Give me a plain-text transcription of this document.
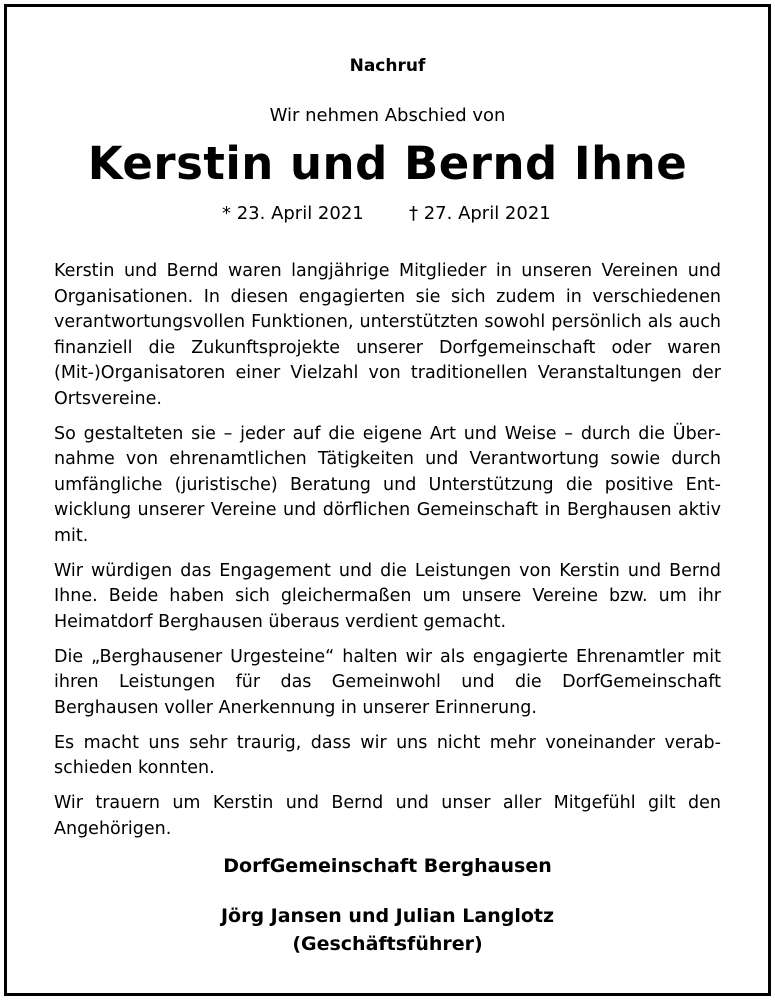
Nachruf
Wir nehmen Abschied von
Kerstin und Bernd Ihne
* 23. April 2021	† 27. April 2021

Kerstin und Bernd waren langjährige Mitglieder in unseren Vereinen und Organisationen. In diesen engagierten sie sich zudem in verschiedenen verantwortungsvollen Funktionen, unterstützten sowohl persönlich als auch finanziell die Zukunftsprojekte unserer Dorfgemeinschaft oder waren (Mit-)Organisatoren einer Vielzahl von traditionellen Veranstaltungen der Ortsvereine.

So gestalteten sie – jeder auf die eigene Art und Weise – durch die Übernahme von ehrenamtlichen Tätigkeiten und Verantwortung sowie durch umfängliche (juristische) Beratung und Unterstützung die positive Entwicklung unserer Vereine und dörflichen Gemeinschaft in Berghausen aktiv mit.

Wir würdigen das Engagement und die Leistungen von Kerstin und Bernd Ihne. Beide haben sich gleichermaßen um unsere Vereine bzw. um ihr Heimatdorf Berghausen überaus verdient gemacht.

Die „Berghausener Urgesteine“ halten wir als engagierte Ehrenamtler mit ihren Leistungen für das Gemeinwohl und die DorfGemeinschaft Berghausen voller Anerkennung in unserer Erinnerung.

Es macht uns sehr traurig, dass wir uns nicht mehr voneinander verabschieden konnten.

Wir trauern um Kerstin und Bernd und unser aller Mitgefühl gilt den Angehörigen.

DorfGemeinschaft Berghausen
Jörg Jansen und Julian Langlotz
(Geschäftsführer)
